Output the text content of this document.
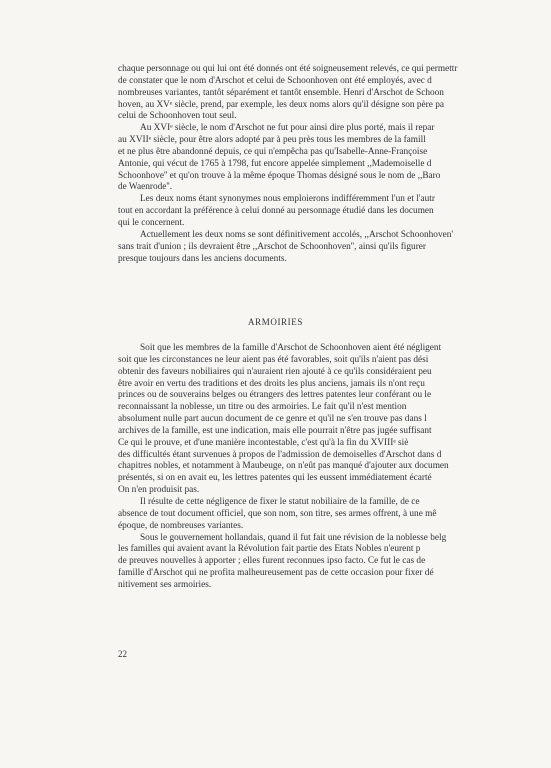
chaque personnage ou qui lui ont été donnés ont été soigneusement relevés, ce qui permettr
de constater que le nom d'Arschot et celui de Schoonhoven ont été employés, avec d
nombreuses variantes, tantôt séparément et tantôt ensemble. Henri d'Arschot de Schoon
hoven, au XVᵉ siècle, prend, par exemple, les deux noms alors qu'il désigne son père pa
celui de Schoonhoven tout seul.
Au XVIᵉ siècle, le nom d'Arschot ne fut pour ainsi dire plus porté, mais il repar
au XVIIᵉ siècle, pour être alors adopté par à peu près tous les membres de la famill
et ne plus être abandonné depuis, ce qui n'empêcha pas qu'Isabelle-Anne-Françoise
Antonie, qui vécut de 1765 à 1798, fut encore appelée simplement ,,Mademoiselle d
Schoonhove'' et qu'on trouve à la même époque Thomas désigné sous le nom de ,,Baro
de Waenrode''.
Les deux noms étant synonymes nous emploierons indifféremment l'un et l'autr
tout en accordant la préférence à celui donné au personnage étudié dans les documen
qui le concernent.
Actuellement les deux noms se sont définitivement accolés, ,,Arschot Schoonhoven'
sans trait d'union ; ils devraient être ,,Arschot de Schoonhoven'', ainsi qu'ils figurer
presque toujours dans les anciens documents.
ARMOIRIES
Soit que les membres de la famille d'Arschot de Schoonhoven aient été négligent
soit que les circonstances ne leur aient pas été favorables, soit qu'ils n'aient pas dési
obtenir des faveurs nobiliaires qui n'auraient rien ajouté à ce qu'ils considéraient peu
être avoir en vertu des traditions et des droits les plus anciens, jamais ils n'ont reçu
princes ou de souverains belges ou étrangers des lettres patentes leur conférant ou le
reconnaissant la noblesse, un titre ou des armoiries. Le fait qu'il n'est mention
absolument nulle part aucun document de ce genre et qu'il ne s'en trouve pas dans l
archives de la famille, est une indication, mais elle pourrait n'être pas jugée suffisant
Ce qui le prouve, et d'une manière incontestable, c'est qu'à la fin du XVIIIᵉ siè
des difficultés étant survenues à propos de l'admission de demoiselles d'Arschot dans d
chapitres nobles, et notamment à Maubeuge, on n'eût pas manqué d'ajouter aux documen
présentés, si on en avait eu, les lettres patentes qui les eussent immédiatement écarté
On n'en produisit pas.
Il résulte de cette négligence de fixer le statut nobiliaire de la famille, de ce
absence de tout document officiel, que son nom, son titre, ses armes offrent, à une mê
époque, de nombreuses variantes.
Sous le gouvernement hollandais, quand il fut fait une révision de la noblesse belg
les familles qui avaient avant la Révolution fait partie des Etats Nobles n'eurent p
de preuves nouvelles à apporter ; elles furent reconnues ipso facto. Ce fut le cas de
famille d'Arschot qui ne profita malheureusement pas de cette occasion pour fixer dé
nitivement ses armoiries.
22
